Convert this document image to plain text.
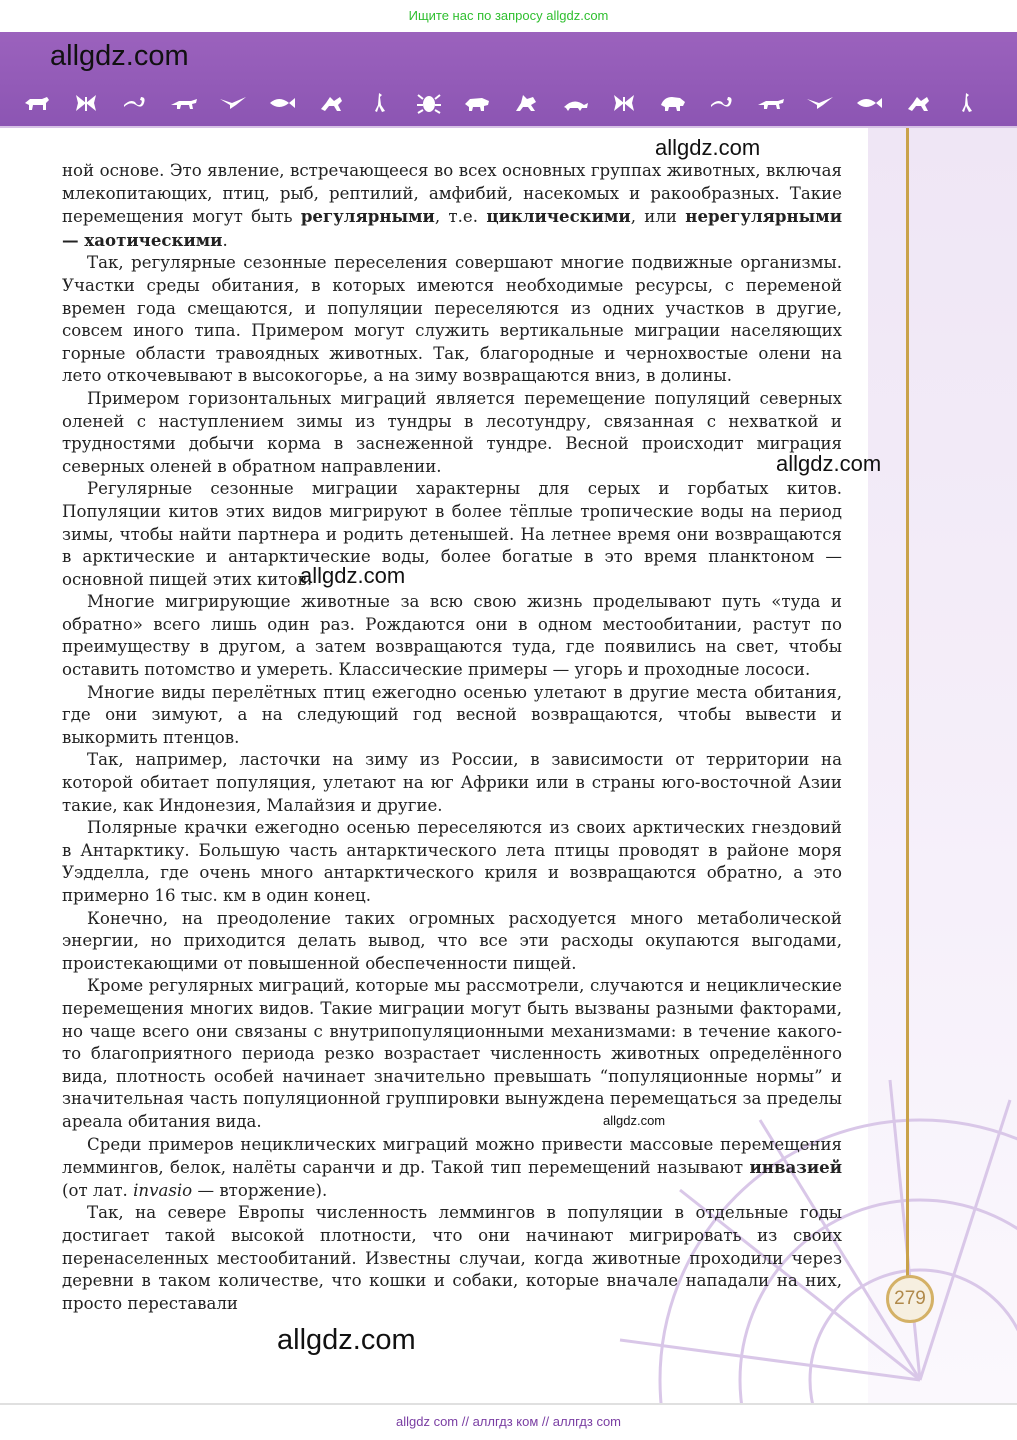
Ищите нас по запросу allgdz.com
allgdz.com

ной основе. Это явление, встречающееся во всех основных группах животных, включая млекопитающих, птиц, рыб, рептилий, амфибий, насекомых и ракообразных. Такие перемещения могут быть регулярными, т.е. циклическими, или нерегулярными — хаотическими.

Так, регулярные сезонные переселения совершают многие подвижные организмы. Участки среды обитания, в которых имеются необходимые ресурсы, с переменой времен года смещаются, и популяции переселяются из одних участков в другие, совсем иного типа. Примером могут служить вертикальные миграции населяющих горные области травоядных животных. Так, благородные и чернохвостые олени на лето откочевывают в высокогорье, а на зиму возвращаются вниз, в долины.

Примером горизонтальных миграций является перемещение популяций северных оленей с наступлением зимы из тундры в лесотундру, связанная с нехваткой и трудностями добычи корма в заснеженной тундре. Весной происходит миграция северных оленей в обратном направлении.

Регулярные сезонные миграции характерны для серых и горбатых китов. Популяции китов этих видов мигрируют в более тёплые тропические воды на период зимы, чтобы найти партнера и родить детенышей. На летнее время они возвращаются в арктические и антарктические воды, более богатые в это время планктоном — основной пищей этих китов.

Многие мигрирующие животные за всю свою жизнь проделывают путь «туда и обратно» всего лишь один раз. Рождаются они в одном местообитании, растут по преимуществу в другом, а затем возвращаются туда, где появились на свет, чтобы оставить потомство и умереть. Классические примеры — угорь и проходные лососи.

Многие виды перелётных птиц ежегодно осенью улетают в другие места обитания, где они зимуют, а на следующий год весной возвращаются, чтобы вывести и выкормить птенцов.

Так, например, ласточки на зиму из России, в зависимости от территории на которой обитает популяция, улетают на юг Африки или в страны юго-восточной Азии такие, как Индонезия, Малайзия и другие.

Полярные крачки ежегодно осенью переселяются из своих арктических гнездовий в Антарктику. Большую часть антарктического лета птицы проводят в районе моря Уэдделла, где очень много антарктического криля и возвращаются обратно, а это примерно 16 тыс. км в один конец.

Конечно, на преодоление таких огромных расходуется много метаболической энергии, но приходится делать вывод, что все эти расходы окупаются выгодами, проистекающими от повышенной обеспеченности пищей.

Кроме регулярных миграций, которые мы рассмотрели, случаются и нециклические перемещения многих видов. Такие миграции могут быть вызваны разными факторами, но чаще всего они связаны с внутрипопуляционными механизмами: в течение какого-то благоприятного периода резко возрастает численность животных определённого вида, плотность особей начинает значительно превышать “популяционные нормы” и значительная часть популяционной группировки вынуждена перемещаться за пределы ареала обитания вида.

Среди примеров нециклических миграций можно привести массовые перемещения леммингов, белок, налёты саранчи и др. Такой тип перемещений называют инвазией (от лат. invasio — вторжение).

Так, на севере Европы численность леммингов в популяции в отдельные годы достигает такой высокой плотности, что они начинают мигрировать из своих перенаселенных местообитаний. Известны случаи, когда животные проходили через деревни в таком количестве, что кошки и собаки, которые вначале нападали на них, просто переставали

allgdz.com
allgdz.com
allgdz.com
allgdz.com
allgdz.com
279
allgdz com // аллгдз ком // аллгдз com
